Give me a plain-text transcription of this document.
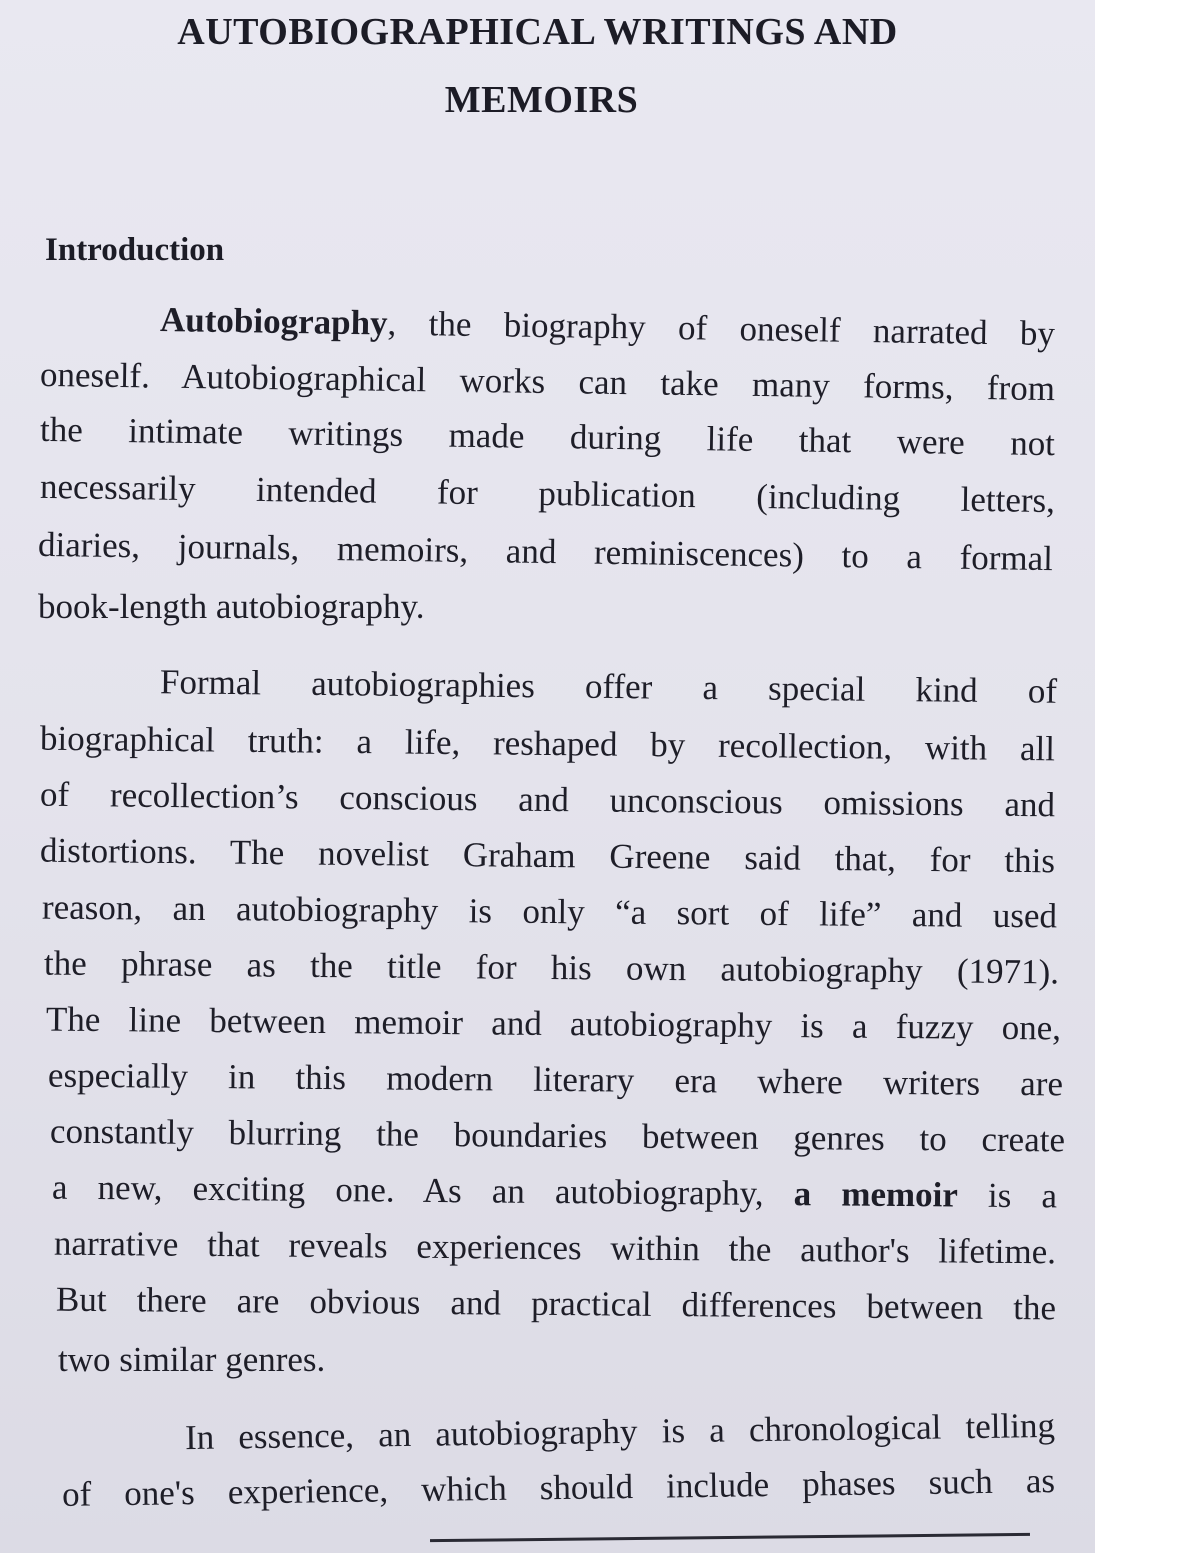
AUTOBIOGRAPHICAL WRITINGS AND
MEMOIRS
Introduction
Autobiography, the biography of oneself narrated by
oneself. Autobiographical works can take many forms, from
the intimate writings made during life that were not
necessarily intended for publication (including letters,
diaries, journals, memoirs, and reminiscences) to a formal
book-length autobiography.
Formal autobiographies offer a special kind of
biographical truth: a life, reshaped by recollection, with all
of recollection’s conscious and unconscious omissions and
distortions. The novelist Graham Greene said that, for this
reason, an autobiography is only “a sort of life” and used
the phrase as the title for his own autobiography (1971).
The line between memoir and autobiography is a fuzzy one,
especially in this modern literary era where writers are
constantly blurring the boundaries between genres to create
a new, exciting one. As an autobiography, a memoir is a
narrative that reveals experiences within the author's lifetime.
But there are obvious and practical differences between the
two similar genres.
In essence, an autobiography is a chronological telling
of one's experience, which should include phases such as
